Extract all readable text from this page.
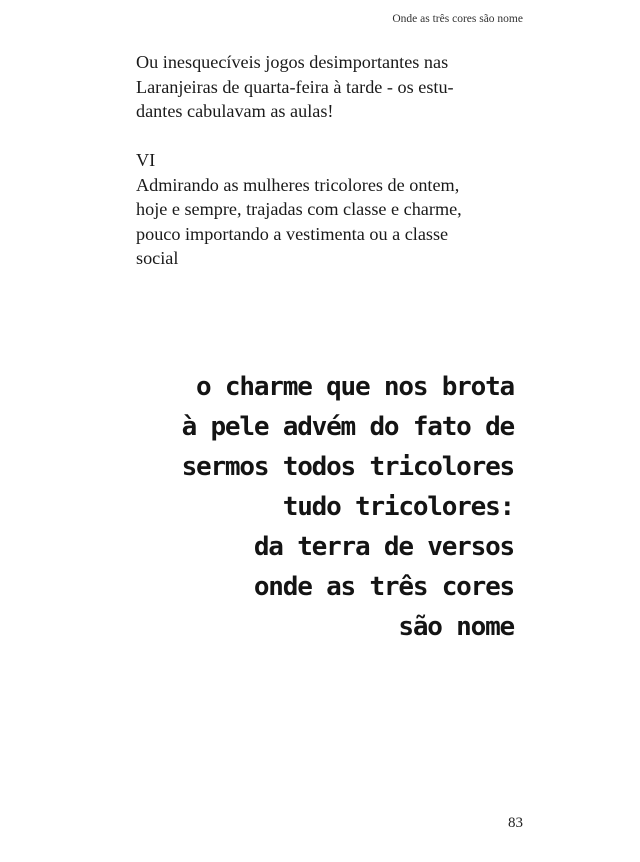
Onde as três cores são nome

Ou inesquecíveis jogos desimportantes nas

Laranjeiras de quarta-feira à tarde - os estu-

dantes cabulavam as aulas!

VI

Admirando as mulheres tricolores de ontem,

hoje e sempre, trajadas com classe e charme,

pouco importando a vestimenta ou a classe

social

o charme que nos brota
à pele advém do fato de
sermos todos tricolores
tudo tricolores:
da terra de versos
onde as três cores
são nome
83
